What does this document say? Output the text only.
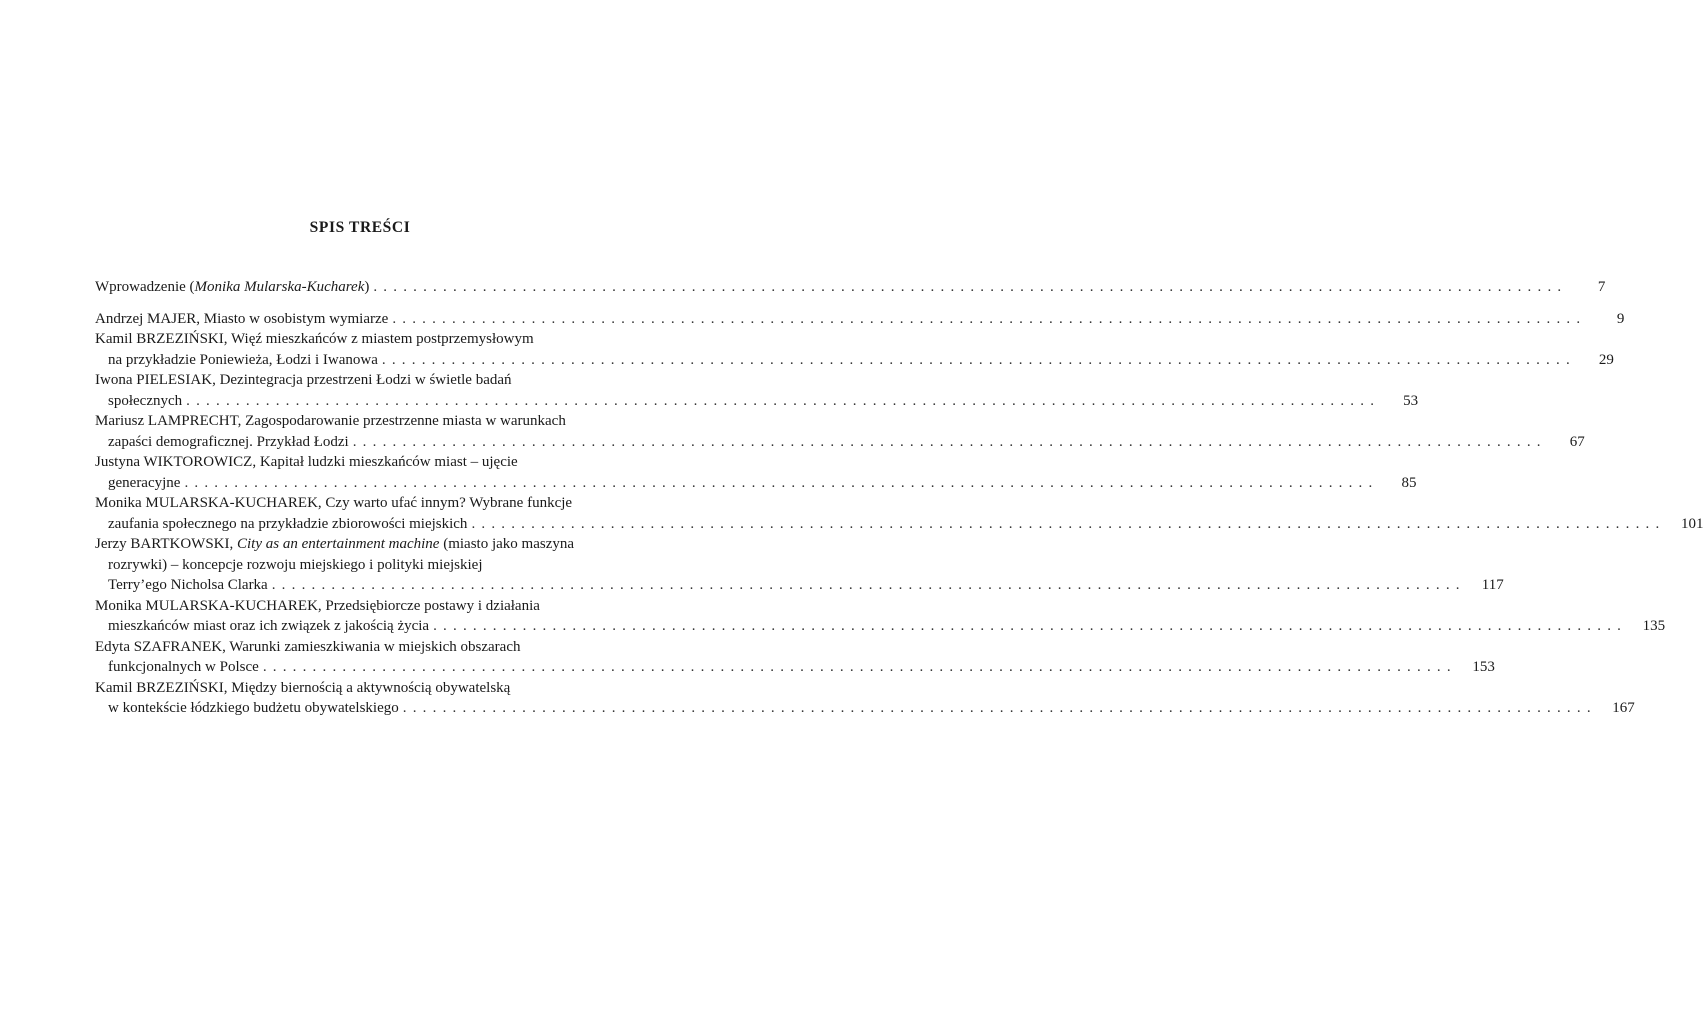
SPIS TREŚCI
Wprowadzenie (Monika Mularska-Kucharek) ........................................................................................................................	7
Andrzej MAJER, Miasto w osobistym wymiarze ........................................................................................................................	9
Kamil BRZEZIŃSKI, Więź mieszkańców z miastem postprzemysłowym
na przykładzie Poniewieża, Łodzi i Iwanowa ........................................................................................................................	29
Iwona PIELESIAK, Dezintegracja przestrzeni Łodzi w świetle badań
społecznych ........................................................................................................................	53
Mariusz LAMPRECHT, Zagospodarowanie przestrzenne miasta w warunkach
zapaści demograficznej. Przykład Łodzi ........................................................................................................................	67
Justyna WIKTOROWICZ, Kapitał ludzki mieszkańców miast – ujęcie
generacyjne ........................................................................................................................	85
Monika MULARSKA-KUCHAREK, Czy warto ufać innym? Wybrane funkcje
zaufania społecznego na przykładzie zbiorowości miejskich ........................................................................................................................	101
Jerzy BARTKOWSKI, City as an entertainment machine (miasto jako maszyna
rozrywki) – koncepcje rozwoju miejskiego i polityki miejskiej
Terry’ego Nicholsa Clarka ........................................................................................................................	117
Monika MULARSKA-KUCHAREK, Przedsiębiorcze postawy i działania
mieszkańców miast oraz ich związek z jakością życia ........................................................................................................................	135
Edyta SZAFRANEK, Warunki zamieszkiwania w miejskich obszarach
funkcjonalnych w Polsce ........................................................................................................................	153
Kamil BRZEZIŃSKI, Między biernością a aktywnością obywatelską
w kontekście łódzkiego budżetu obywatelskiego ........................................................................................................................	167
